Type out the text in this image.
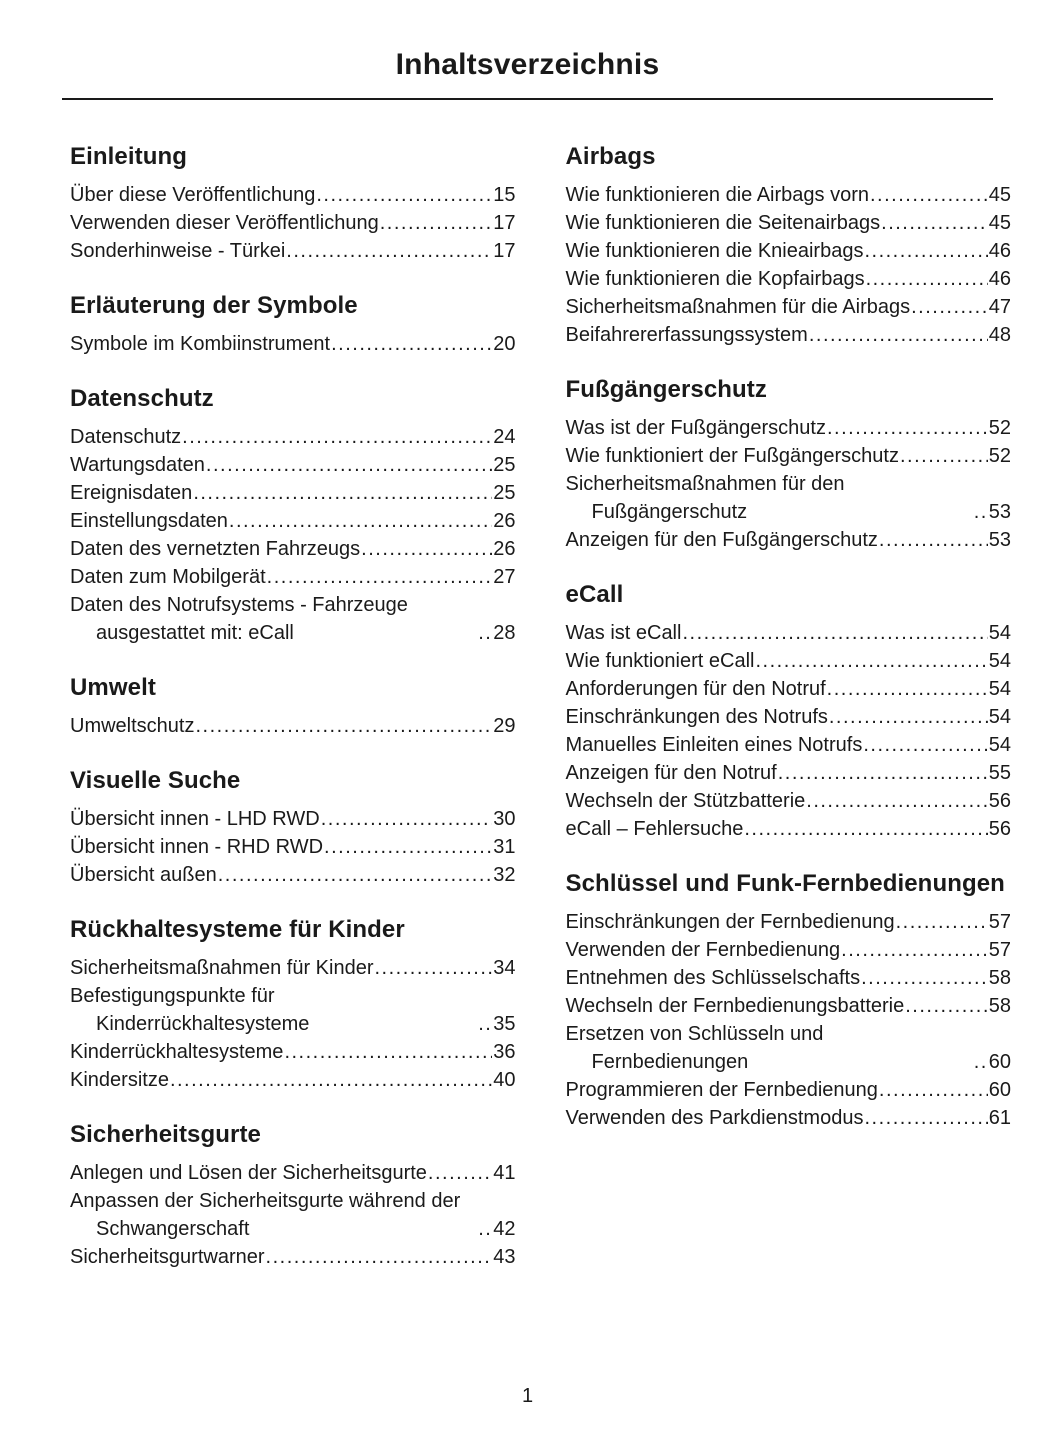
Inhaltsverzeichnis
Einleitung
Über diese Veröffentlichung .....	15
Verwenden dieser Veröffentlichung .....	17
Sonderhinweise - Türkei .....	17
Erläuterung der Symbole
Symbole im Kombiinstrument .....	20
Datenschutz
Datenschutz .....	24
Wartungsdaten .....	25
Ereignisdaten .....	25
Einstellungsdaten .....	26
Daten des vernetzten Fahrzeugs .....	26
Daten zum Mobilgerät .....	27
Daten des Notrufsystems - Fahrzeuge ausgestattet mit: eCall .....	28
Umwelt
Umweltschutz .....	29
Visuelle Suche
Übersicht innen - LHD RWD .....	30
Übersicht innen - RHD RWD .....	31
Übersicht außen .....	32
Rückhaltesysteme für Kinder
Sicherheitsmaßnahmen für Kinder .....	34
Befestigungspunkte für Kinderrückhaltesysteme .....	35
Kinderrückhaltesysteme .....	36
Kindersitze .....	40
Sicherheitsgurte
Anlegen und Lösen der Sicherheitsgurte .....	41
Anpassen der Sicherheitsgurte während der Schwangerschaft .....	42
Sicherheitsgurtwarner .....	43
Airbags
Wie funktionieren die Airbags vorn .....	45
Wie funktionieren die Seitenairbags .....	45
Wie funktionieren die Knieairbags .....	46
Wie funktionieren die Kopfairbags .....	46
Sicherheitsmaßnahmen für die Airbags .....	47
Beifahrererfassungssystem .....	48
Fußgängerschutz
Was ist der Fußgängerschutz .....	52
Wie funktioniert der Fußgängerschutz .....	52
Sicherheitsmaßnahmen für den Fußgängerschutz .....	53
Anzeigen für den Fußgängerschutz .....	53
eCall
Was ist eCall .....	54
Wie funktioniert eCall .....	54
Anforderungen für den Notruf .....	54
Einschränkungen des Notrufs .....	54
Manuelles Einleiten eines Notrufs .....	54
Anzeigen für den Notruf .....	55
Wechseln der Stützbatterie .....	56
eCall – Fehlersuche .....	56
Schlüssel und Funk-Fernbedienungen
Einschränkungen der Fernbedienung .....	57
Verwenden der Fernbedienung .....	57
Entnehmen des Schlüsselschafts .....	58
Wechseln der Fernbedienungsbatterie .....	58
Ersetzen von Schlüsseln und Fernbedienungen .....	60
Programmieren der Fernbedienung .....	60
Verwenden des Parkdienstmodus .....	61
1
